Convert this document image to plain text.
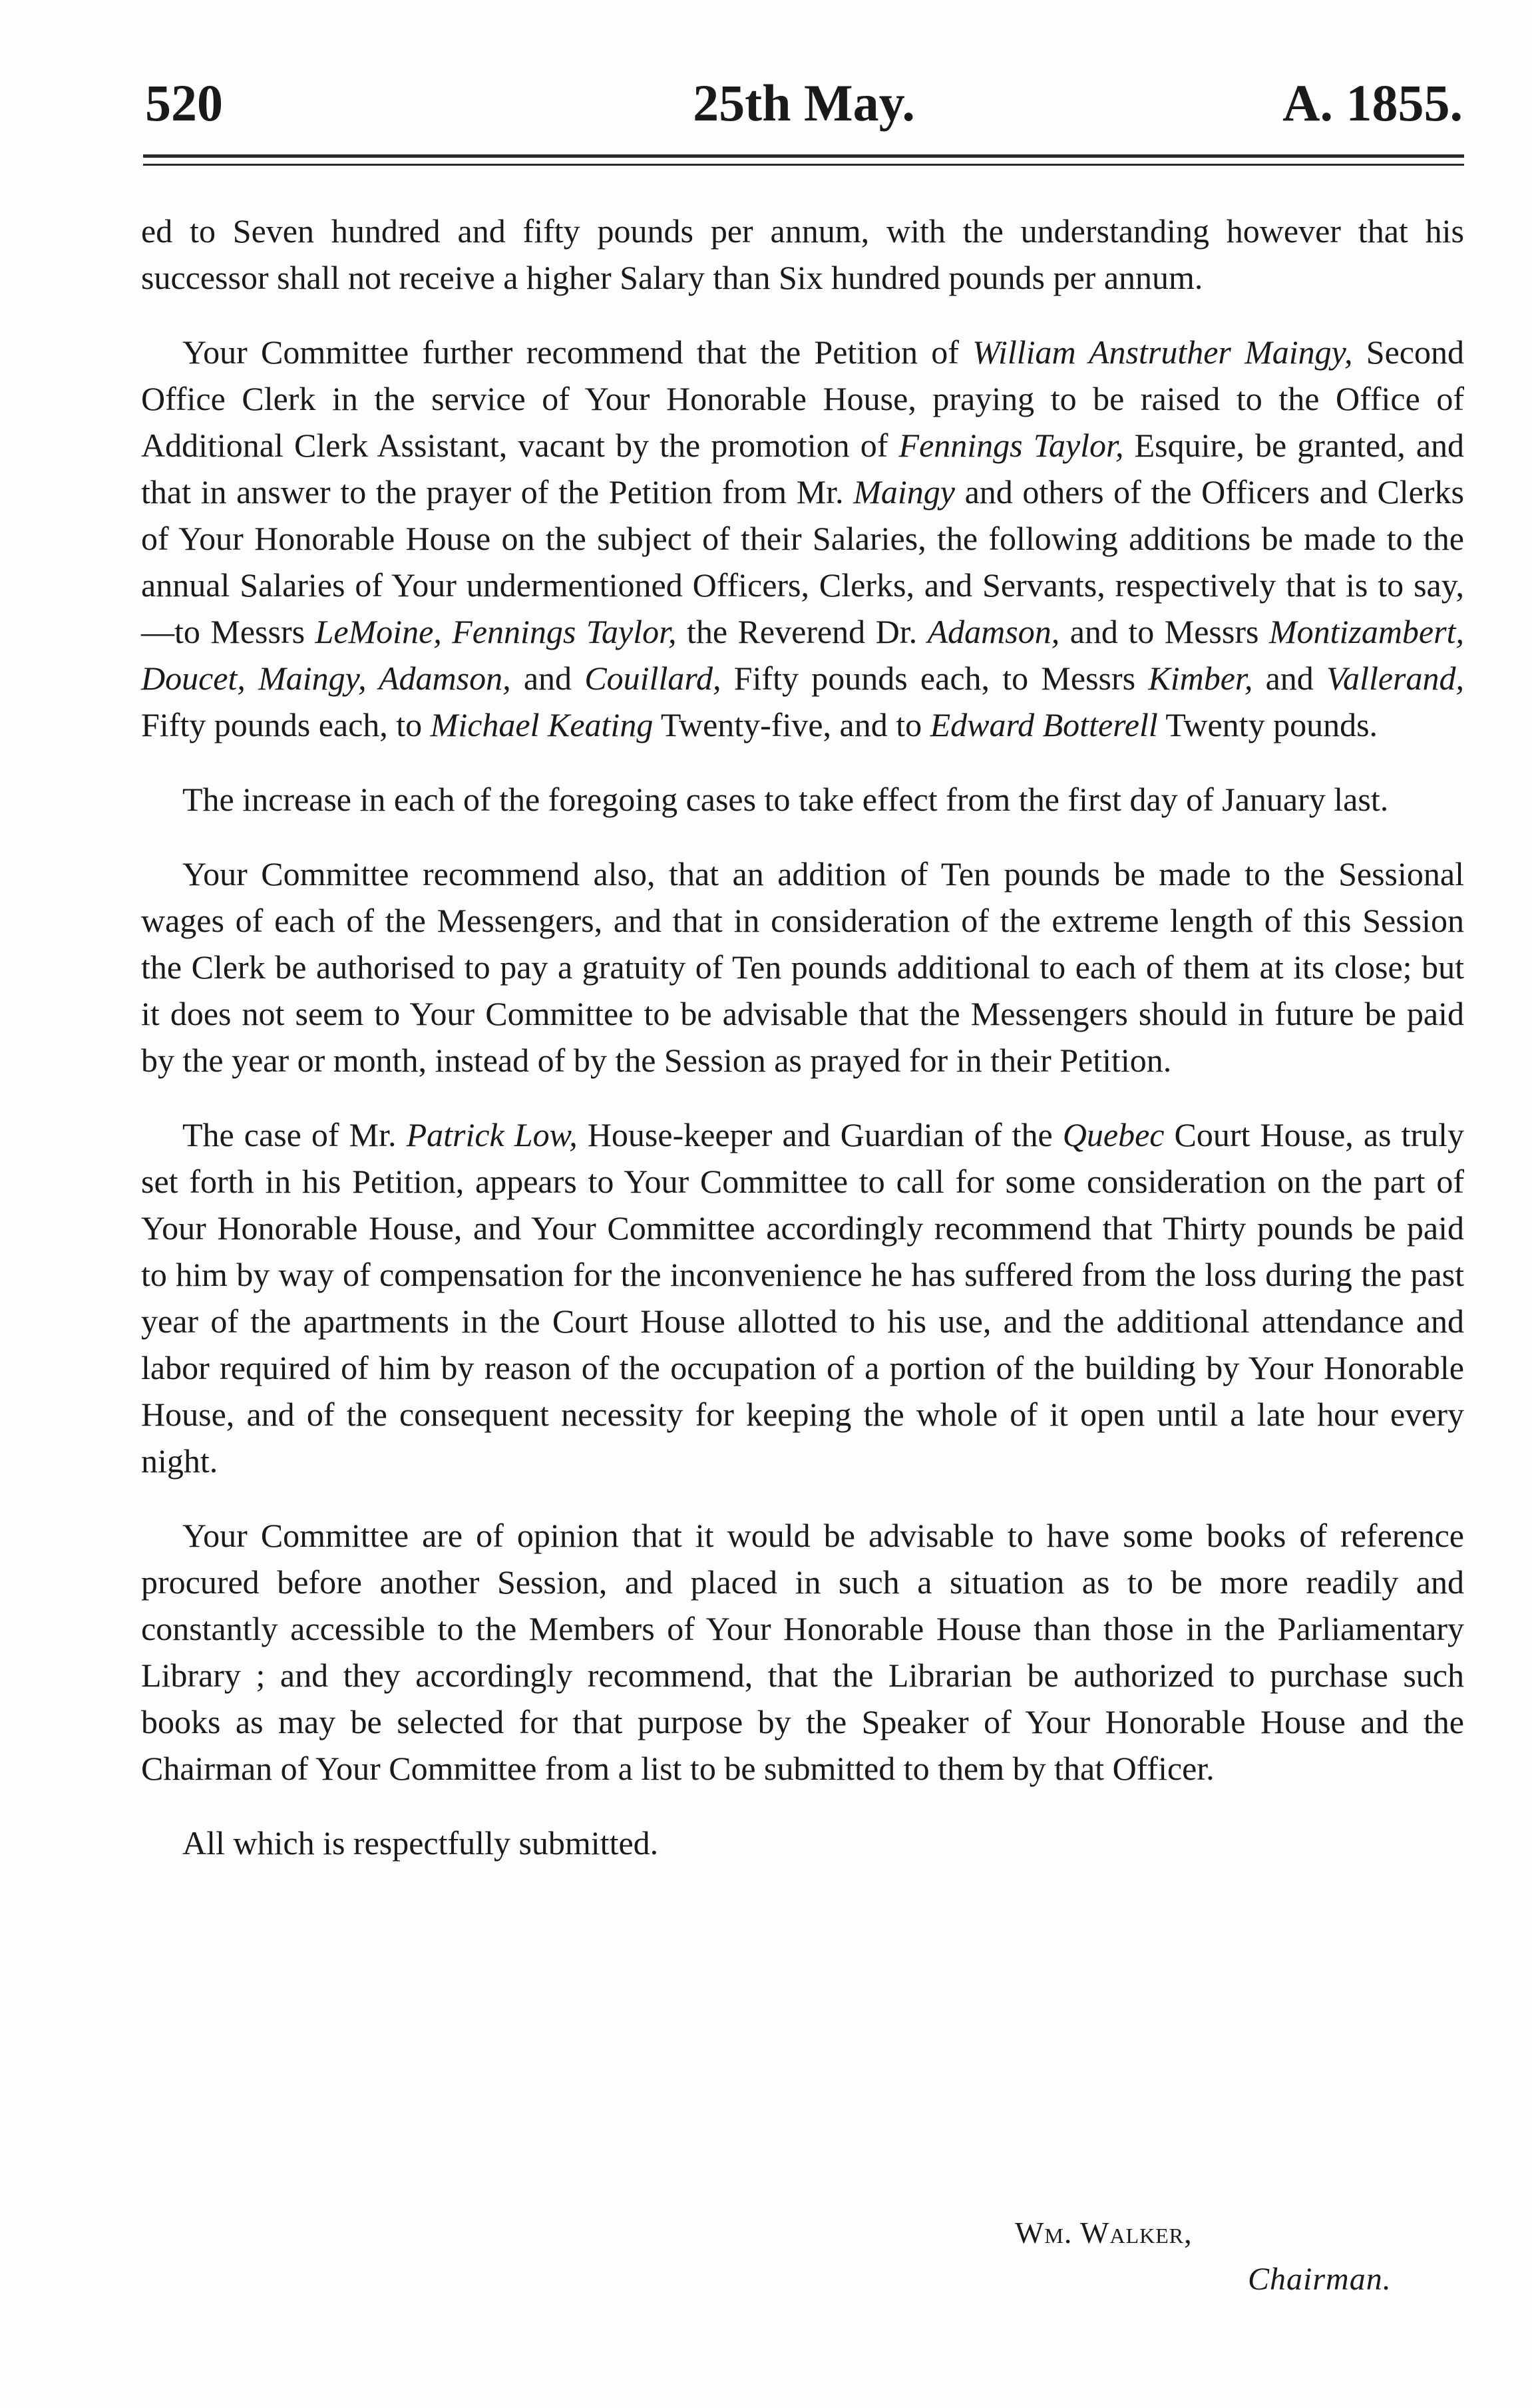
520	25th May.	A. 1855.

ed to Seven hundred and fifty pounds per annum, with the understanding however that his successor shall not receive a higher Salary than Six hundred pounds per annum.

Your Committee further recommend that the Petition of William Anstruther Maingy, Second Office Clerk in the service of Your Honorable House, praying to be raised to the Office of Additional Clerk Assistant, vacant by the promotion of Fennings Taylor, Esquire, be granted, and that in answer to the prayer of the Petition from Mr. Maingy and others of the Officers and Clerks of Your Honorable House on the subject of their Salaries, the following additions be made to the annual Salaries of Your undermentioned Officers, Clerks, and Servants, respectively that is to say,—to Messrs LeMoine, Fennings Taylor, the Reverend Dr. Adamson, and to Messrs Montizambert, Doucet, Maingy, Adamson, and Couillard, Fifty pounds each, to Messrs Kimber, and Vallerand, Fifty pounds each, to Michael Keating Twenty-five, and to Edward Botterell Twenty pounds.

The increase in each of the foregoing cases to take effect from the first day of January last.

Your Committee recommend also, that an addition of Ten pounds be made to the Sessional wages of each of the Messengers, and that in consideration of the extreme length of this Session the Clerk be authorised to pay a gratuity of Ten pounds additional to each of them at its close; but it does not seem to Your Committee to be advisable that the Messengers should in future be paid by the year or month, instead of by the Session as prayed for in their Petition.

The case of Mr. Patrick Low, House-keeper and Guardian of the Quebec Court House, as truly set forth in his Petition, appears to Your Committee to call for some consideration on the part of Your Honorable House, and Your Committee accordingly recommend that Thirty pounds be paid to him by way of compensation for the inconvenience he has suffered from the loss during the past year of the apartments in the Court House allotted to his use, and the additional attendance and labor required of him by reason of the occupation of a portion of the building by Your Honorable House, and of the consequent necessity for keeping the whole of it open until a late hour every night.

Your Committee are of opinion that it would be advisable to have some books of reference procured before another Session, and placed in such a situation as to be more readily and constantly accessible to the Members of Your Honorable House than those in the Parliamentary Library ; and they accordingly recommend, that the Librarian be authorized to purchase such books as may be selected for that purpose by the Speaker of Your Honorable House and the Chairman of Your Committee from a list to be submitted to them by that Officer.

All which is respectfully submitted.

Wm. Walker,
Chairman.
